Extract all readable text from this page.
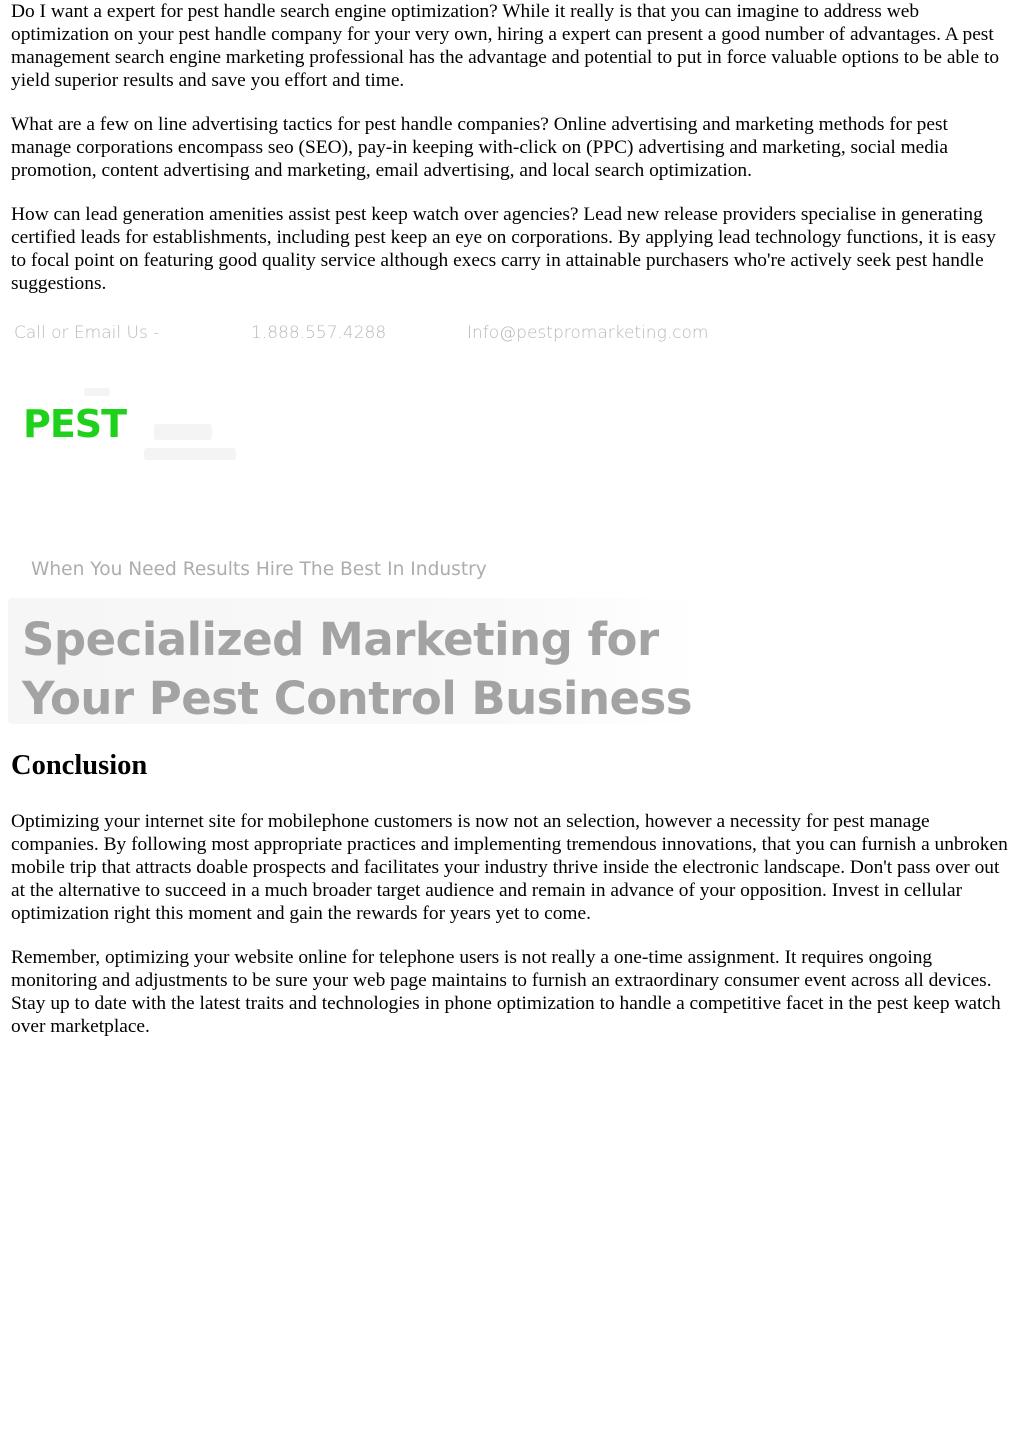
Do I want a expert for pest handle search engine optimization? While it really is that you can imagine to address web optimization on your pest handle company for your very own, hiring a expert can present a good number of advantages. A pest management search engine marketing professional has the advantage and potential to put in force valuable options to be able to yield superior results and save you effort and time.

What are a few on line advertising tactics for pest handle companies? Online advertising and marketing methods for pest manage corporations encompass seo (SEO), pay-in keeping with-click on (PPC) advertising and marketing, social media promotion, content advertising and marketing, email advertising, and local search optimization.

How can lead generation amenities assist pest keep watch over agencies? Lead new release providers specialise in generating certified leads for establishments, including pest keep an eye on corporations. By applying lead technology functions, it is easy to focal point on featuring good quality service although execs carry in attainable purchasers who're actively seek pest handle suggestions.

Call or Email Us -	1.888.557.4288	Info@pestpromarketing.com
PEST
When You Need Results Hire The Best In Industry
Specialized Marketing for
Your Pest Control Business
Conclusion

Optimizing your internet site for mobilephone customers is now not an selection, however a necessity for pest manage companies. By following most appropriate practices and implementing tremendous innovations, that you can furnish a unbroken mobile trip that attracts doable prospects and facilitates your industry thrive inside the electronic landscape. Don't pass over out at the alternative to succeed in a much broader target audience and remain in advance of your opposition. Invest in cellular optimization right this moment and gain the rewards for years yet to come.

Remember, optimizing your website online for telephone users is not really a one-time assignment. It requires ongoing monitoring and adjustments to be sure your web page maintains to furnish an extraordinary consumer event across all devices. Stay up to date with the latest traits and technologies in phone optimization to handle a competitive facet in the pest keep watch over marketplace.
